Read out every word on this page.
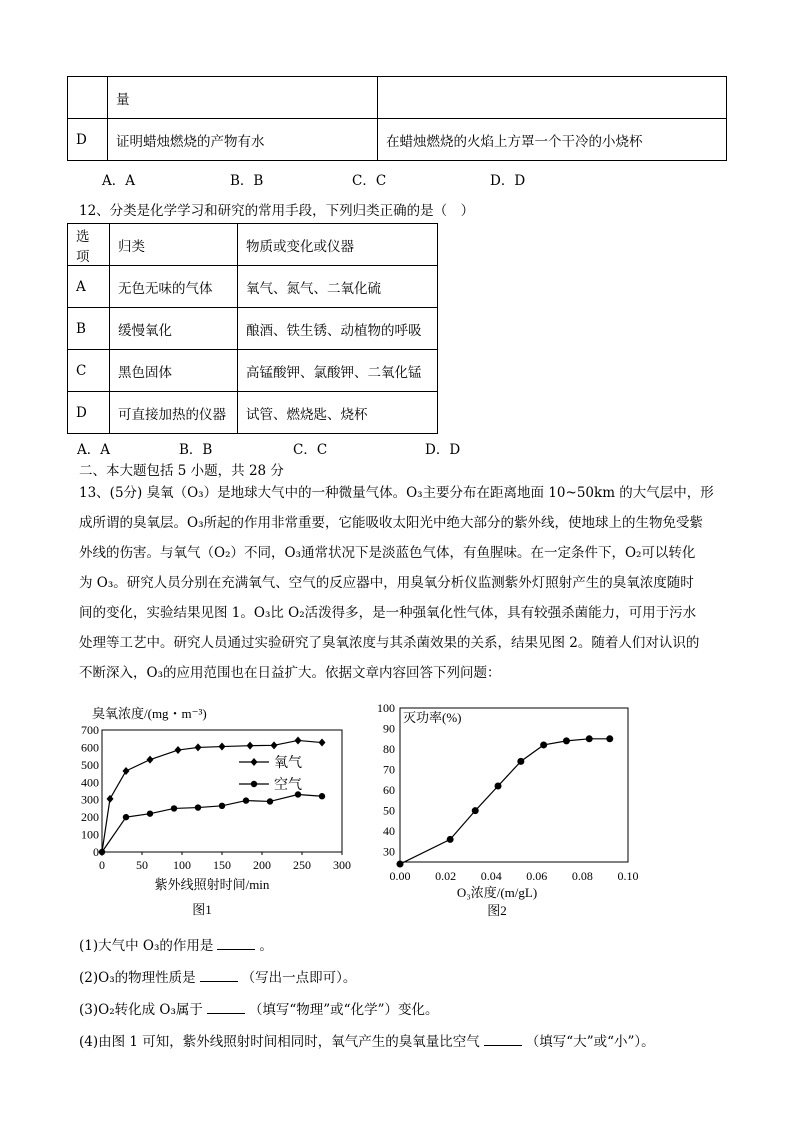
	量	
D	证明蜡烛燃烧的产物有水	在蜡烛燃烧的火焰上方罩一个干冷的小烧杯
A．A	B．B	C．C	D．D
12、分类是化学学习和研究的常用手段，下列归类正确的是（　）
选项	归类	物质或变化或仪器
A	无色无味的气体	氧气、氮气、二氧化硫
B	缓慢氧化	酿酒、铁生锈、动植物的呼吸
C	黑色固体	高锰酸钾、氯酸钾、二氧化锰
D	可直接加热的仪器	试管、燃烧匙、烧杯
A．A	B．B	C．C	D．D
二、本大题包括 5 小题，共 28 分
13、(5分) 臭氧（O₃）是地球大气中的一种微量气体。O₃主要分布在距离地面 10~50km 的大气层中，形
成所谓的臭氧层。O₃所起的作用非常重要，它能吸收太阳光中绝大部分的紫外线，使地球上的生物免受紫
外线的伤害。与氧气（O₂）不同，O₃通常状况下是淡蓝色气体，有鱼腥味。在一定条件下，O₂可以转化
为 O₃。研究人员分别在充满氧气、空气的反应器中，用臭氧分析仪监测紫外灯照射产生的臭氧浓度随时
间的变化，实验结果见图 1。O₃比 O₂活泼得多，是一种强氧化性气体，具有较强杀菌能力，可用于污水
处理等工艺中。研究人员通过实验研究了臭氧浓度与其杀菌效果的关系，结果见图 2。随着人们对认识的
不断深入，O₃的应用范围也在日益扩大。依据文章内容回答下列问题：
臭氧浓度/(mg・m⁻³)
0
100
200
300
400
500
600
700
0	50 100 150 200 250 300
紫外线照射时间/min
图1
氧气
空气
灭功率(%)
30
40
50
60
70
80
90
100
0.00 0.02 0.04 0.06 0.08 0.10
O₃浓度/(m/gL)
图2
(1)大气中 O₃的作用是	。
(2)O₃的物理性质是	（写出一点即可）。
(3)O₂转化成 O₃属于	（填写“物理”或“化学”）变化。
(4)由图 1 可知，紫外线照射时间相同时，氧气产生的臭氧量比空气	（填写“大”或“小”）。
